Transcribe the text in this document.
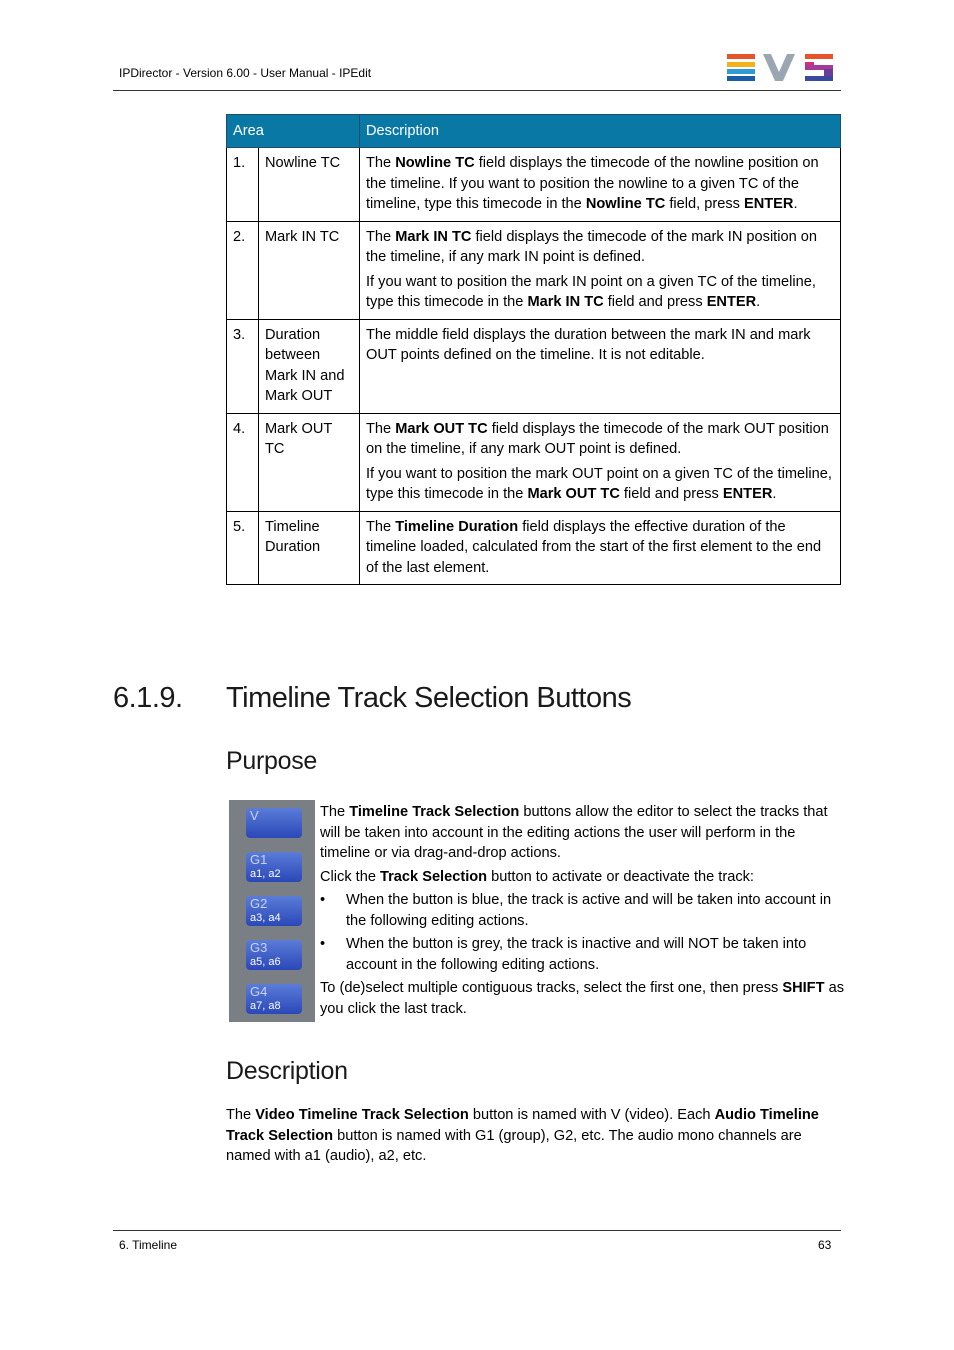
IPDirector - Version 6.00 - User Manual - IPEdit
Area		Description
1.	Nowline TC	The Nowline TC field displays the timecode of the nowline position on the timeline. If you want to position the nowline to a given TC of the timeline, type this timecode in the Nowline TC field, press ENTER.

2.	Mark IN TC	The Mark IN TC field displays the timecode of the mark IN position on the timeline, if any mark IN point is defined.

If you want to position the mark IN point on a given TC of the timeline, type this timecode in the Mark IN TC field and press ENTER.

3.	Duration between Mark IN and Mark OUT	The middle field displays the duration between the mark IN and mark OUT points defined on the timeline. It is not editable.

4.	Mark OUT TC	The Mark OUT TC field displays the timecode of the mark OUT position on the timeline, if any mark OUT point is defined.

If you want to position the mark OUT point on a given TC of the timeline, type this timecode in the Mark OUT TC field and press ENTER.

5.	Timeline Duration	The Timeline Duration field displays the effective duration of the timeline loaded, calculated from the start of the first element to the end of the last element.

6.1.9. Timeline Track Selection Buttons
Purpose
V
G1
a1, a2
G2
a3, a4
G3
a5, a6
G4
a7, a8

The Timeline Track Selection buttons allow the editor to select the tracks that will be taken into account in the editing actions the user will perform in the timeline or via drag-and-drop actions.

Click the Track Selection button to activate or deactivate the track:

• When the button is blue, the track is active and will be taken into account in the following editing actions.
• When the button is grey, the track is inactive and will NOT be taken into account in the following editing actions.

To (de)select multiple contiguous tracks, select the first one, then press SHIFT as you click the last track.

Description

The Video Timeline Track Selection button is named with V (video). Each Audio Timeline Track Selection button is named with G1 (group), G2, etc. The audio mono channels are named with a1 (audio), a2, etc.

6. Timeline	63
